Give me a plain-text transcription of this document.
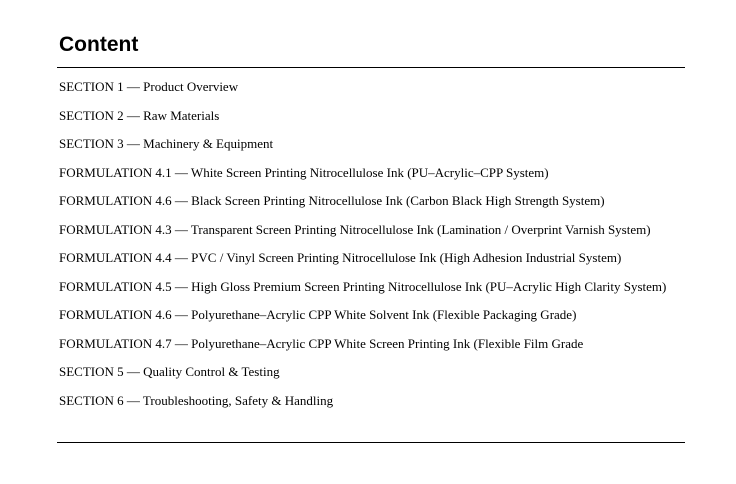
Content
SECTION 1 — Product Overview
SECTION 2 — Raw Materials
SECTION 3 — Machinery & Equipment
FORMULATION 4.1 — White Screen Printing Nitrocellulose Ink (PU–Acrylic–CPP System)
FORMULATION 4.6 — Black Screen Printing Nitrocellulose Ink (Carbon Black High Strength System)
FORMULATION 4.3 — Transparent Screen Printing Nitrocellulose Ink (Lamination / Overprint Varnish System)
FORMULATION 4.4 — PVC / Vinyl Screen Printing Nitrocellulose Ink (High Adhesion Industrial System)
FORMULATION 4.5 — High Gloss Premium Screen Printing Nitrocellulose Ink (PU–Acrylic High Clarity System)
FORMULATION 4.6 — Polyurethane–Acrylic CPP White Solvent Ink (Flexible Packaging Grade)
FORMULATION 4.7 — Polyurethane–Acrylic CPP White Screen Printing Ink (Flexible Film Grade
SECTION 5 — Quality Control & Testing
SECTION 6 — Troubleshooting, Safety & Handling
